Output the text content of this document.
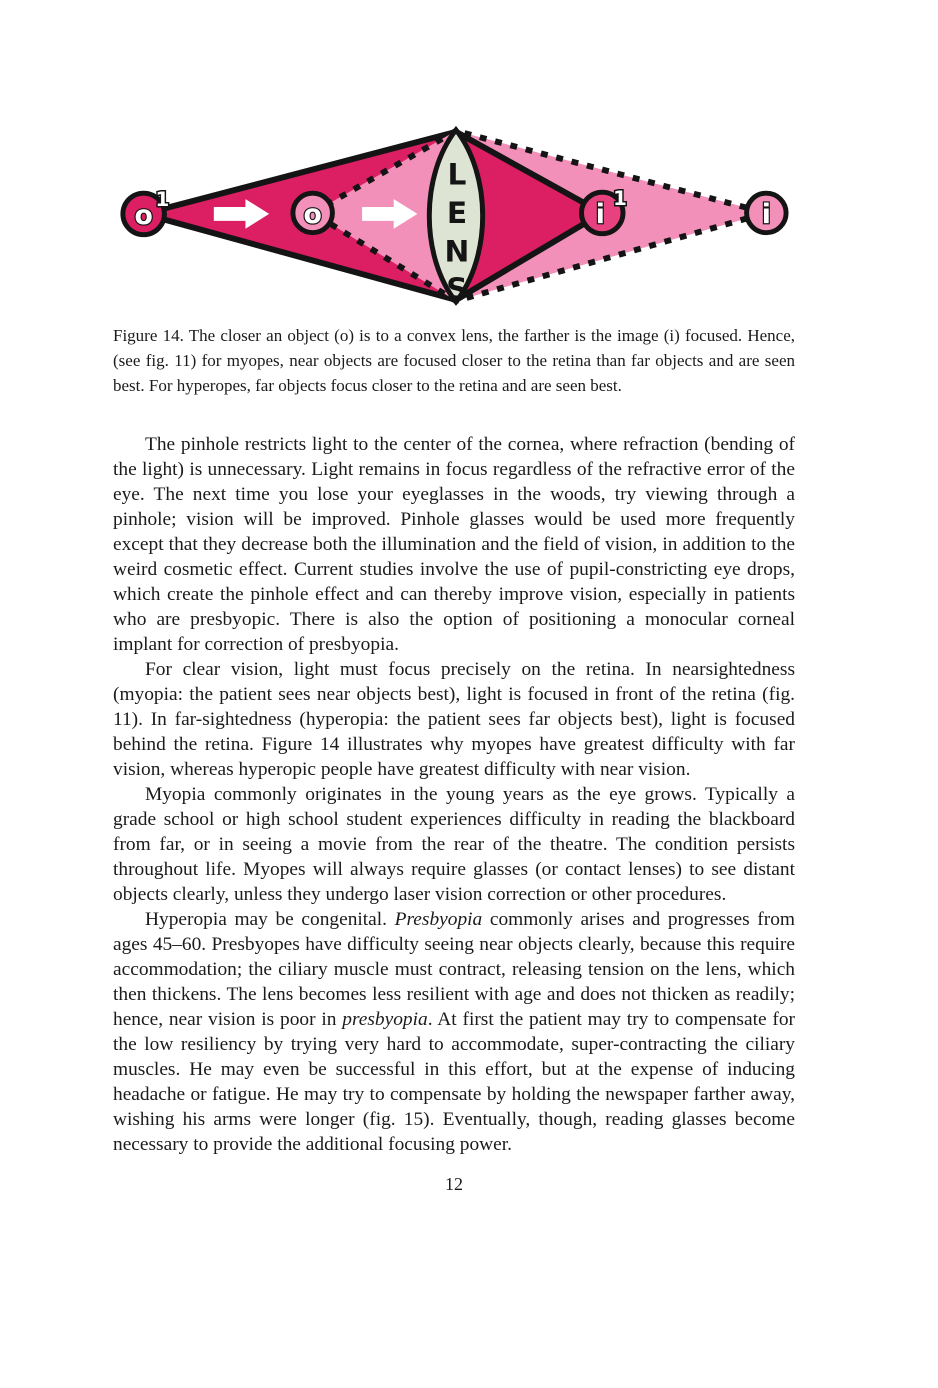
L
E
N
S
o
1	o	i
1
i
Figure 14. The closer an object (o) is to a convex lens, the farther is the image (i) focused. Hence, (see fig. 11) for myopes, near objects are focused closer to the retina than far objects and are seen best. For hyperopes, far objects focus closer to the retina and are seen best.

The pinhole restricts light to the center of the cornea, where refraction (bending of the light) is unnecessary. Light remains in focus regardless of the refractive error of the eye. The next time you lose your eyeglasses in the woods, try viewing through a pinhole; vision will be improved. Pinhole glasses would be used more frequently except that they decrease both the illumination and the field of vision, in addition to the weird cosmetic effect. Current studies involve the use of pupil-constricting eye drops, which create the pinhole effect and can thereby improve vision, especially in patients who are presbyopic. There is also the option of positioning a monocular corneal implant for correction of presbyopia.

For clear vision, light must focus precisely on the retina. In nearsightedness (myopia: the patient sees near objects best), light is focused in front of the retina (fig. 11). In far-sightedness (hyperopia: the patient sees far objects best), light is focused behind the retina. Figure 14 illustrates why myopes have greatest difficulty with far vision, whereas hyperopic people have greatest difficulty with near vision.

Myopia commonly originates in the young years as the eye grows. Typically a grade school or high school student experiences difficulty in reading the blackboard from far, or in seeing a movie from the rear of the theatre. The condition persists throughout life. Myopes will always require glasses (or contact lenses) to see distant objects clearly, unless they undergo laser vision correction or other procedures.

Hyperopia may be congenital. Presbyopia commonly arises and progresses from ages 45–60. Presbyopes have difficulty seeing near objects clearly, because this require accommodation; the ciliary muscle must contract, releasing tension on the lens, which then thickens. The lens becomes less resilient with age and does not thicken as readily; hence, near vision is poor in presbyopia. At first the patient may try to compensate for the low resiliency by trying very hard to accommodate, super-contracting the ciliary muscles. He may even be successful in this effort, but at the expense of inducing headache or fatigue. He may try to compensate by holding the newspaper farther away, wishing his arms were longer (fig. 15). Eventually, though, reading glasses become necessary to provide the additional focusing power.

12
